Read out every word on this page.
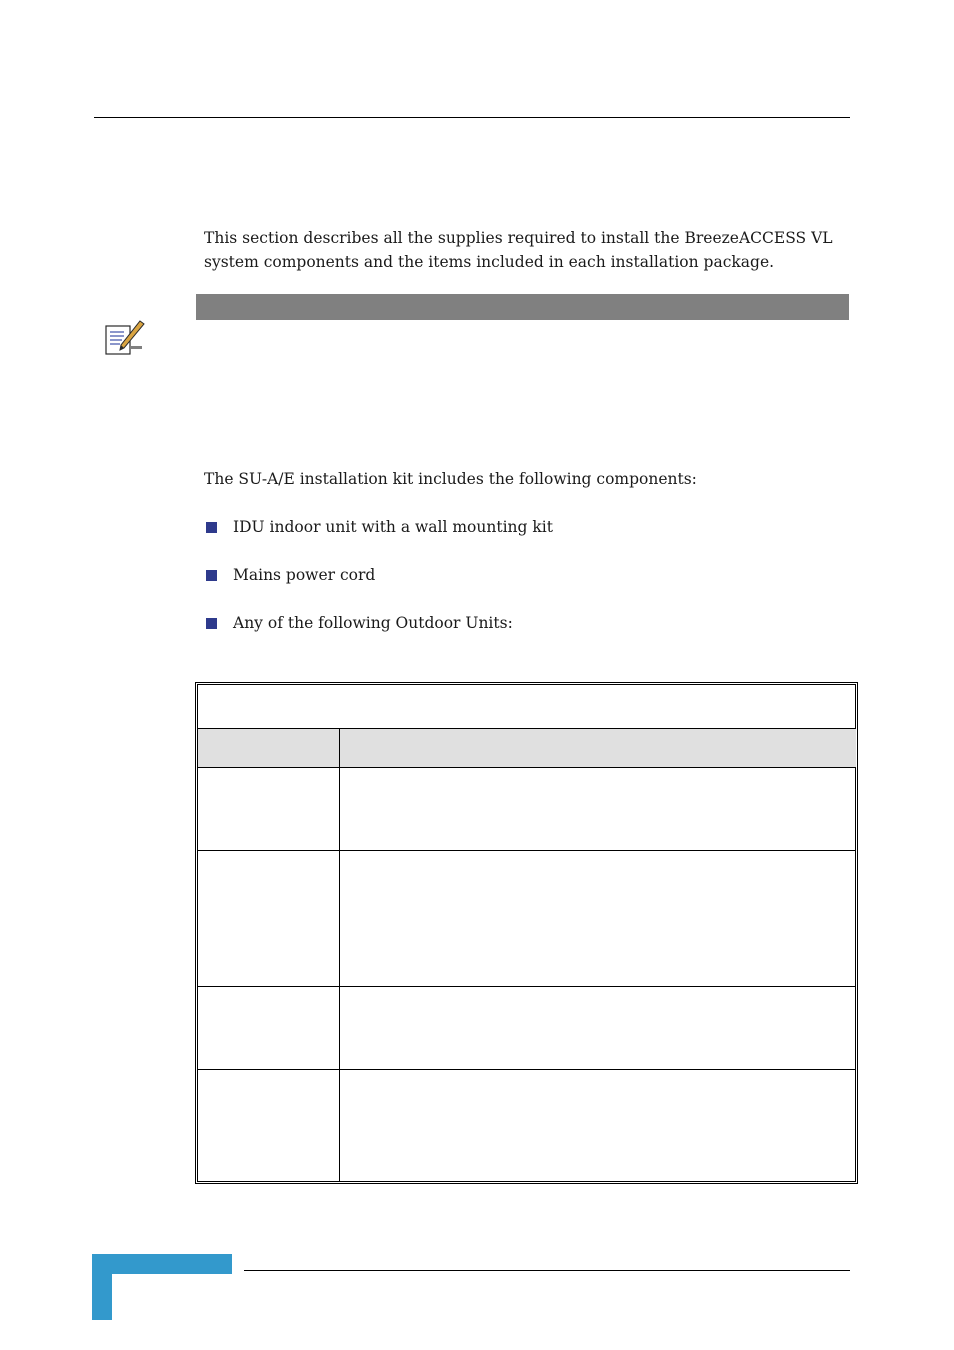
This section describes all the supplies required to install the BreezeACCESS VL system components and the items included in each installation package.

The SU-A/E installation kit includes the following components:

IDU indoor unit with a wall mounting kit
Mains power cord
Any of the following Outdoor Units:
